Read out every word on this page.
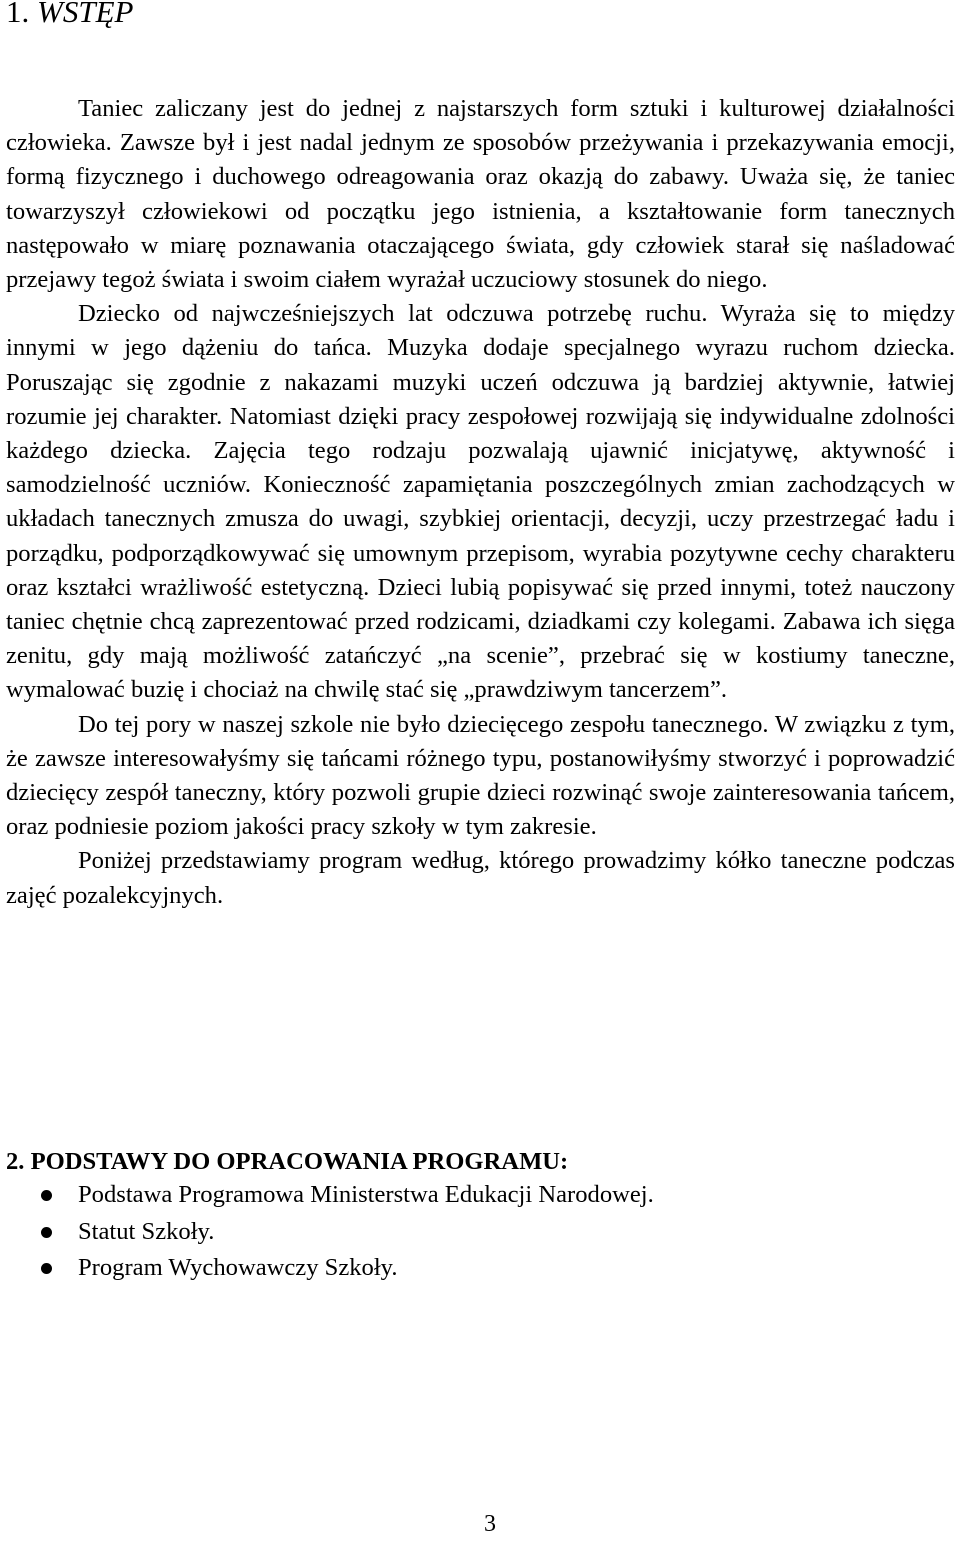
1. WSTĘP

Taniec zaliczany jest do jednej z najstarszych form sztuki i kulturowej działalności człowieka. Zawsze był i jest nadal jednym ze sposobów przeżywania i przekazywania emocji, formą fizycznego i duchowego odreagowania oraz okazją do zabawy. Uważa się, że taniec towarzyszył człowiekowi od początku jego istnienia, a kształtowanie form tanecznych następowało w miarę poznawania otaczającego świata, gdy człowiek starał się naśladować przejawy tegoż świata i swoim ciałem wyrażał uczuciowy stosunek do niego.

Dziecko od najwcześniejszych lat odczuwa potrzebę ruchu. Wyraża się to między innymi w jego dążeniu do tańca. Muzyka dodaje specjalnego wyrazu ruchom dziecka. Poruszając się zgodnie z nakazami muzyki uczeń odczuwa ją bardziej aktywnie, łatwiej rozumie jej charakter. Natomiast dzięki pracy zespołowej rozwijają się indywidualne zdolności każdego dziecka. Zajęcia tego rodzaju pozwalają ujawnić inicjatywę, aktywność i samodzielność uczniów. Konieczność zapamiętania poszczególnych zmian zachodzących w układach tanecznych zmusza do uwagi, szybkiej orientacji, decyzji, uczy przestrzegać ładu i porządku, podporządkowywać się umownym przepisom, wyrabia pozytywne cechy charakteru oraz kształci wrażliwość estetyczną. Dzieci lubią popisywać się przed innymi, toteż nauczony taniec chętnie chcą zaprezentować przed rodzicami, dziadkami czy kolegami. Zabawa ich sięga zenitu, gdy mają możliwość zatańczyć „na scenie”, przebrać się w kostiumy taneczne, wymalować buzię i chociaż na chwilę stać się „prawdziwym tancerzem”.

Do tej pory w naszej szkole nie było dziecięcego zespołu tanecznego. W związku z tym, że zawsze interesowałyśmy się tańcami różnego typu, postanowiłyśmy stworzyć i poprowadzić dziecięcy zespół taneczny, który pozwoli grupie dzieci rozwinąć swoje zainteresowania tańcem, oraz podniesie poziom jakości pracy szkoły w tym zakresie.

Poniżej przedstawiamy program według, którego prowadzimy kółko taneczne podczas zajęć pozalekcyjnych.

2. PODSTAWY DO OPRACOWANIA PROGRAMU:
Podstawa Programowa Ministerstwa Edukacji Narodowej.
Statut Szkoły.
Program Wychowawczy Szkoły.
3
